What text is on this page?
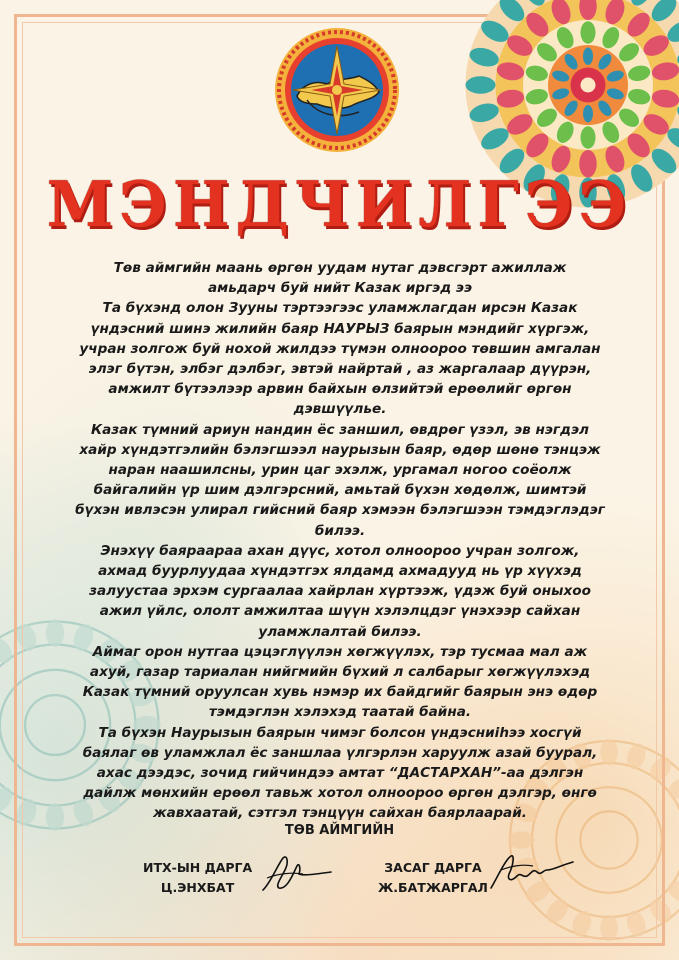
МЭНДЧИЛГЭЭ

Төв аймгийн маань өргөн уудам нутаг дэвсгэрт ажиллаж
амьдарч буй нийт Казак иргэд ээ

Та бүхэнд олон Зууны тэртээгээс уламжлагдан ирсэн Казак
үндэсний шинэ жилийн баяр НАУРЫЗ баярын мэндийг хүргэж,
учран золгож буй нохой жилдээ түмэн олноороо төвшин амгалан
элэг бүтэн, элбэг дэлбэг, эвтэй найртай , аз жаргалаар дүүрэн,
амжилт бүтээлээр арвин байхын өлзийтэй ерөөлийг өргөн
дэвшүүлье.

Казак түмний ариун нандин ёс заншил, өвдрөг үзэл, эв нэгдэл
хайр хүндэтгэлийн бэлэгшээл наурызын баяр, өдөр шөнө тэнцэж
наран наашилсны, урин цаг эхэлж, ургамал ногоо соёолж
байгалийн үр шим дэлгэрсний, амьтай бүхэн хөдөлж, шимтэй
бүхэн ивлэсэн улирал гийсний баяр хэмээн бэлэгшээн тэмдэглэдэг
билээ.

Энэхүү баяраараа ахан дүүс, хотол олноороо учран золгож,
ахмад буурлуудаа хүндэтгэх ялдамд ахмадууд нь үр хүүхэд
залуустаа эрхэм сургаалаа хайрлан хүртээж, үдэж буй оныхоо
ажил үйлс, ололт амжилтаа шүүн хэлэлцдэг үнэхээр сайхан
уламжлалтай билээ.

Аймаг орон нутгаа цэцэглүүлэн хөгжүүлэх, тэр тусмаа мал аж
ахуй, газар тариалан нийгмийн бүхий л салбарыг хөгжүүлэхэд
Казак түмний оруулсан хувь нэмэр их байдгийг баярын энэ өдөр
тэмдэглэн хэлэхэд таатай байна.

Та бүхэн Наурызын баярын чимэг болсон үндэсниihээ хосгүй
баялаг өв уламжлал ёс заншлаа үлгэрлэн харуулж азай буурал,
ахас дээдэс, зочид гийчиндээ амтат “ДАСТАРХАН”-аа дэлгэн
дайлж мөнхийн ерөөл тавьж хотол олноороо өргөн дэлгэр, өнгө
жавхаатай, сэтгэл тэнцүүн сайхан баярлаарай.

ТӨВ АЙМГИЙН
ИТХ-ЫН ДАРГА
Ц.ЭНХБАТ
ЗАСАГ ДАРГА
Ж.БАТЖАРГАЛ
